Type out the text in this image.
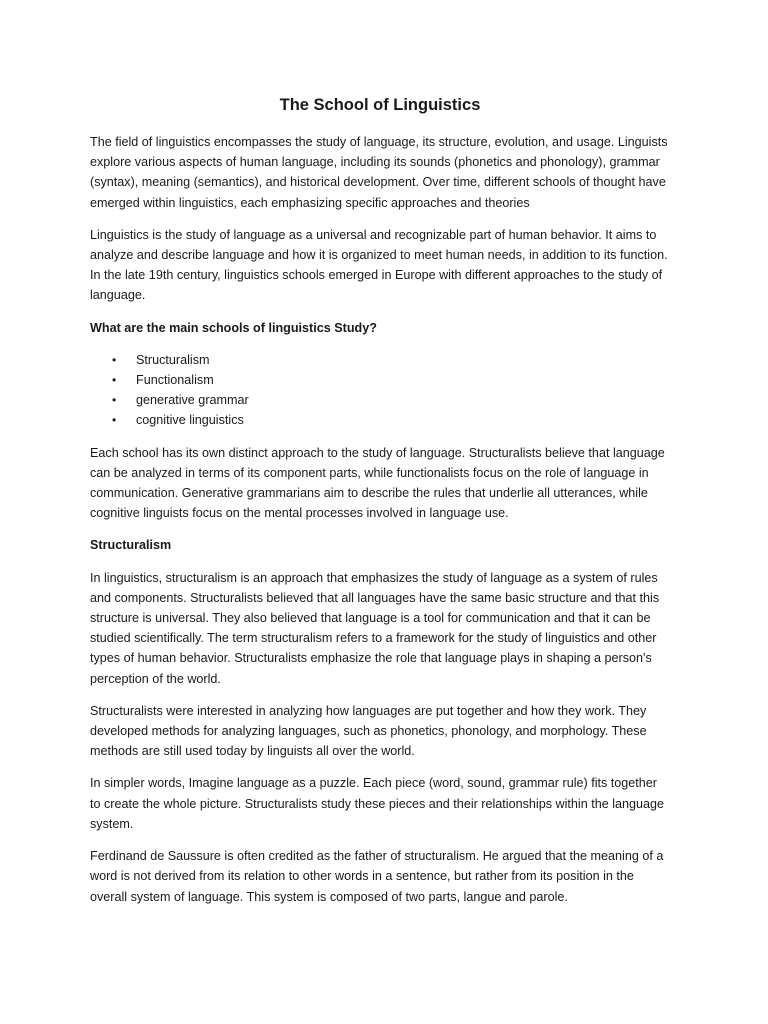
The School of Linguistics

The field of linguistics encompasses the study of language, its structure, evolution, and usage. Linguists explore various aspects of human language, including its sounds (phonetics and phonology), grammar (syntax), meaning (semantics), and historical development. Over time, different schools of thought have emerged within linguistics, each emphasizing specific approaches and theories

Linguistics is the study of language as a universal and recognizable part of human behavior. It aims to analyze and describe language and how it is organized to meet human needs, in addition to its function. In the late 19th century, linguistics schools emerged in Europe with different approaches to the study of language.

What are the main schools of linguistics Study?

• Structuralism
• Functionalism
• generative grammar
• cognitive linguistics

Each school has its own distinct approach to the study of language. Structuralists believe that language can be analyzed in terms of its component parts, while functionalists focus on the role of language in communication. Generative grammarians aim to describe the rules that underlie all utterances, while cognitive linguists focus on the mental processes involved in language use.

Structuralism

In linguistics, structuralism is an approach that emphasizes the study of language as a system of rules and components. Structuralists believed that all languages have the same basic structure and that this structure is universal. They also believed that language is a tool for communication and that it can be studied scientifically. The term structuralism refers to a framework for the study of linguistics and other types of human behavior. Structuralists emphasize the role that language plays in shaping a person's perception of the world.

Structuralists were interested in analyzing how languages are put together and how they work. They developed methods for analyzing languages, such as phonetics, phonology, and morphology. These methods are still used today by linguists all over the world.

In simpler words, Imagine language as a puzzle. Each piece (word, sound, grammar rule) fits together to create the whole picture. Structuralists study these pieces and their relationships within the language system.

Ferdinand de Saussure is often credited as the father of structuralism. He argued that the meaning of a word is not derived from its relation to other words in a sentence, but rather from its position in the overall system of language. This system is composed of two parts, langue and parole.
